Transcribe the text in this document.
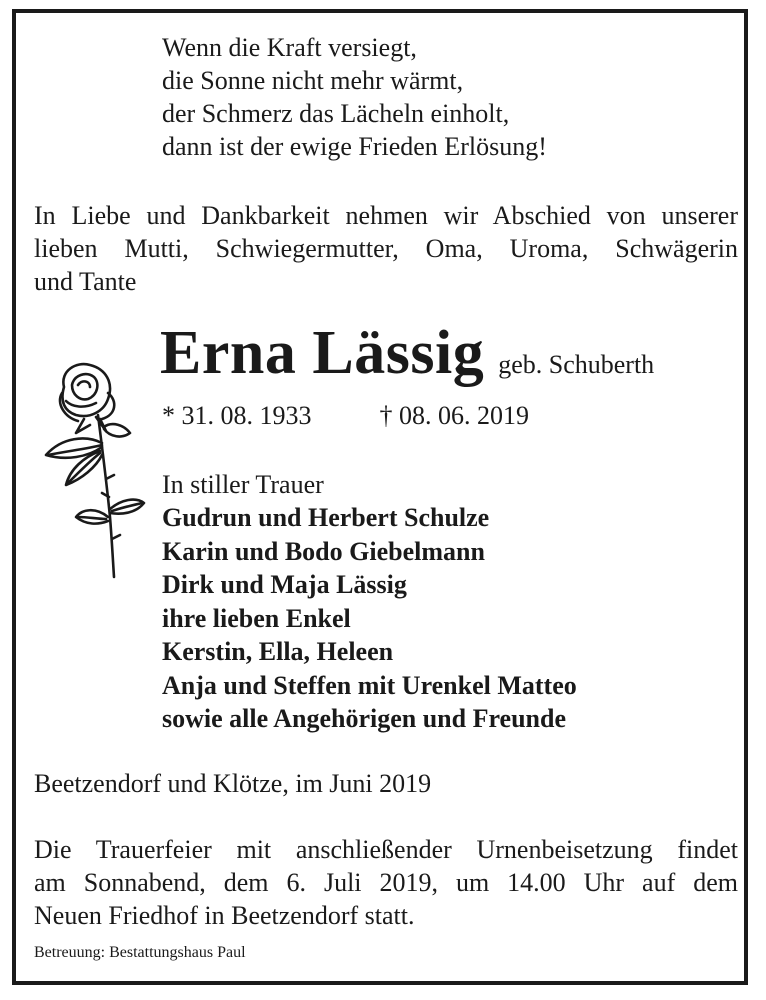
Wenn die Kraft versiegt,
die Sonne nicht mehr wärmt,
der Schmerz das Lächeln einholt,
dann ist der ewige Frieden Erlösung!
In Liebe und Dankbarkeit nehmen wir Abschied von unserer
lieben Mutti, Schwiegermutter, Oma, Uroma, Schwägerin
und Tante
Erna Lässig geb. Schuberth
* 31. 08. 1933	† 08. 06. 2019
In stiller Trauer
Gudrun und Herbert Schulze
Karin und Bodo Giebelmann
Dirk und Maja Lässig
ihre lieben Enkel
Kerstin, Ella, Heleen
Anja und Steffen mit Urenkel Matteo
sowie alle Angehörigen und Freunde
Beetzendorf und Klötze, im Juni 2019
Die Trauerfeier mit anschließender Urnenbeisetzung findet
am Sonnabend, dem 6. Juli 2019, um 14.00 Uhr auf dem
Neuen Friedhof in Beetzendorf statt.
Betreuung: Bestattungshaus Paul
